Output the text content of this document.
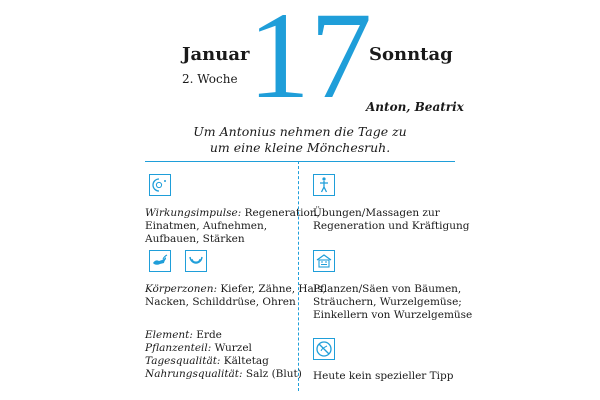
Januar
2. Woche 17
Sonntag
Anton, Beatrix
Um Antonius nehmen die Tage zu
um eine kleine Mönchesruh.
Wirkungsimpulse: Regeneration,
Einatmen, Aufnehmen,
Aufbauen, Stärken
Körperzonen: Kiefer, Zähne, Hals,
Nacken, Schilddrüse, Ohren
Element: Erde
Pflanzenteil: Wurzel
Tagesqualität: Kältetag
Nahrungsqualität: Salz (Blut)
Übungen/Massagen zur
Regeneration und Kräftigung
Pflanzen/Säen von Bäumen,
Sträuchern, Wurzelgemüse;
Einkellern von Wurzelgemüse
Heute kein spezieller Tipp
